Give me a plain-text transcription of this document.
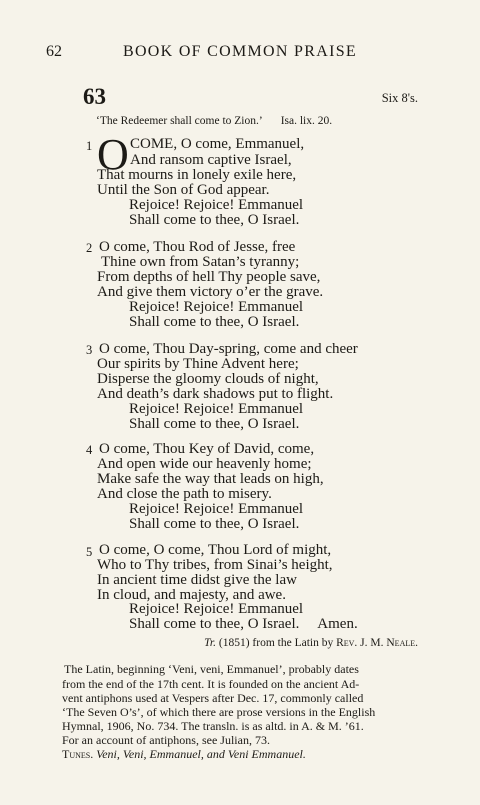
62	BOOK OF COMMON PRAISE
63	Six 8's.
‘The Redeemer shall come to Zion.’ Isa. lix. 20.
1 O COME, O come, Emmanuel,
And ransom captive Israel,
That mourns in lonely exile here,
Until the Son of God appear.
Rejoice! Rejoice! Emmanuel
Shall come to thee, O Israel.
2 O come, Thou Rod of Jesse, free
Thine own from Satan’s tyranny;
From depths of hell Thy people save,
And give them victory o’er the grave.
Rejoice! Rejoice! Emmanuel
Shall come to thee, O Israel.
3 O come, Thou Day-spring, come and cheer
Our spirits by Thine Advent here;
Disperse the gloomy clouds of night,
And death’s dark shadows put to flight.
Rejoice! Rejoice! Emmanuel
Shall come to thee, O Israel.
4 O come, Thou Key of David, come,
And open wide our heavenly home;
Make safe the way that leads on high,
And close the path to misery.
Rejoice! Rejoice! Emmanuel
Shall come to thee, O Israel.
5 O come, O come, Thou Lord of might,
Who to Thy tribes, from Sinai’s height,
In ancient time didst give the law
In cloud, and majesty, and awe.
Rejoice! Rejoice! Emmanuel
Shall come to thee, O Israel.     Amen.
Tr. (1851) from the Latin by Rev. J. M. Neale.
The Latin, beginning ‘Veni, veni, Emmanuel’, probably dates
from the end of the 17th cent. It is founded on the ancient Ad-
vent antiphons used at Vespers after Dec. 17, commonly called
‘The Seven O’s’, of which there are prose versions in the English
Hymnal, 1906, No. 734. The transln. is as altd. in A. & M. ’61.
For an account of antiphons, see Julian, 73.
Tunes. Veni, Veni, Emmanuel, and Veni Emmanuel.
